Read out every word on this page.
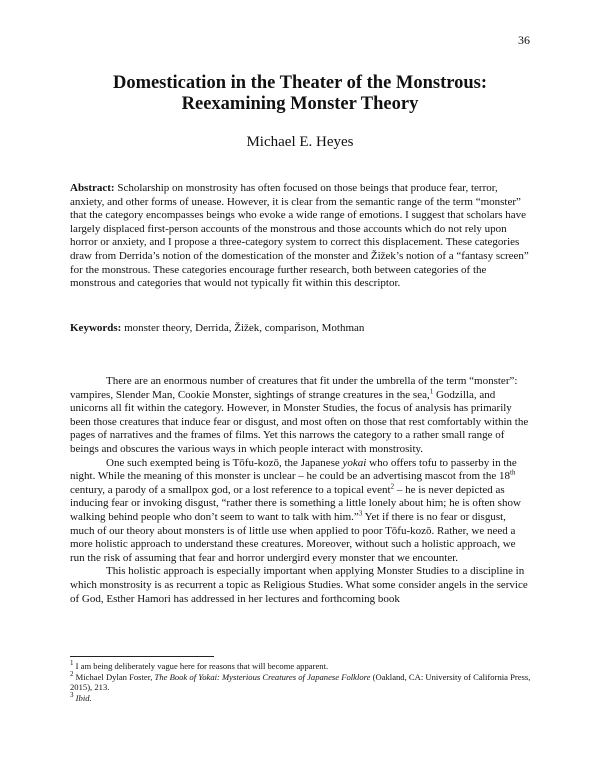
36
Domestication in the Theater of the Monstrous:
Reexamining Monster Theory
Michael E. Heyes

Abstract: Scholarship on monstrosity has often focused on those beings that produce fear, terror, anxiety, and other forms of unease. However, it is clear from the semantic range of the term “monster” that the category encompasses beings who evoke a wide range of emotions. I suggest that scholars have largely displaced first-person accounts of the monstrous and those accounts which do not rely upon horror or anxiety, and I propose a three-category system to correct this displacement. These categories draw from Derrida’s notion of the domestication of the monster and Žižek’s notion of a “fantasy screen” for the monstrous. These categories encourage further research, both between categories of the monstrous and categories that would not typically fit within this descriptor.

Keywords: monster theory, Derrida, Žižek, comparison, Mothman

There are an enormous number of creatures that fit under the umbrella of the term “monster”: vampires, Slender Man, Cookie Monster, sightings of strange creatures in the sea,$^1$ Godzilla, and unicorns all fit within the category. However, in Monster Studies, the focus of analysis has primarily been those creatures that induce fear or disgust, and most often on those that rest comfortably within the pages of narratives and the frames of films. Yet this narrows the category to a rather small range of beings and obscures the various ways in which people interact with monstrosity.

One such exempted being is Tōfu-kozō, the Japanese yokai who offers tofu to passerby in the night. While the meaning of this monster is unclear – he could be an advertising mascot from the 18th century, a parody of a smallpox god, or a lost reference to a topical event$^2$ – he is never depicted as inducing fear or invoking disgust, “rather there is something a little lonely about him; he is often show walking behind people who don’t seem to want to talk with him.”$^3$ Yet if there is no fear or disgust, much of our theory about monsters is of little use when applied to poor Tōfu-kozō. Rather, we need a more holistic approach to understand these creatures. Moreover, without such a holistic approach, we run the risk of assuming that fear and horror undergird every monster that we encounter.

This holistic approach is especially important when applying Monster Studies to a discipline in which monstrosity is as recurrent a topic as Religious Studies. What some consider angels in the service of God, Esther Hamori has addressed in her lectures and forthcoming book

$^1$ I am being deliberately vague here for reasons that will become apparent.
$^2$ Michael Dylan Foster, The Book of Yokai: Mysterious Creatures of Japanese Folklore (Oakland, CA: University of California Press, 2015), 213.
$^3$ Ibid.
